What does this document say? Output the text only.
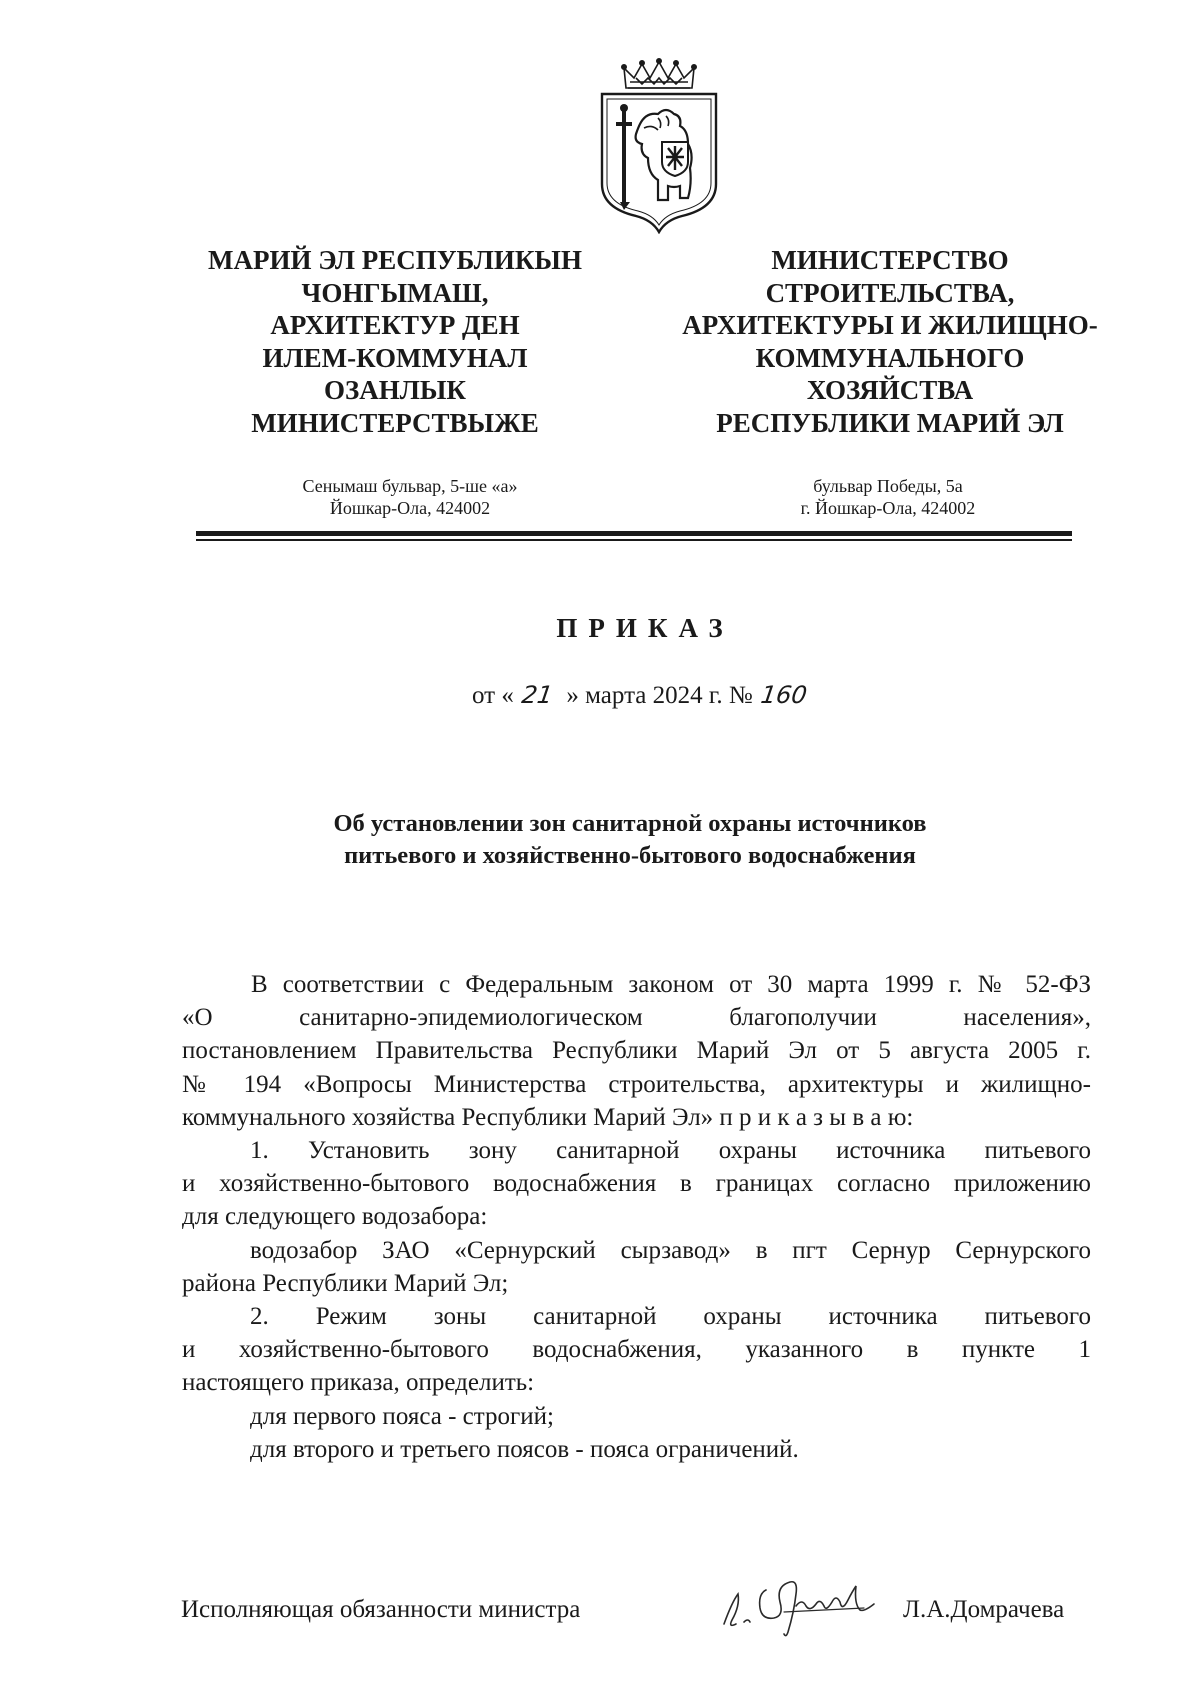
МАРИЙ ЭЛ РЕСПУБЛИКЫН
ЧОНГЫМАШ,
АРХИТЕКТУР ДЕН
ИЛЕМ-КОММУНАЛ
ОЗАНЛЫК
МИНИСТЕРСТВЫЖЕ
МИНИСТЕРСТВО
СТРОИТЕЛЬСТВА,
АРХИТЕКТУРЫ И ЖИЛИЩНО-
КОММУНАЛЬНОГО
ХОЗЯЙСТВА
РЕСПУБЛИКИ МАРИЙ ЭЛ
Сенымаш бульвар, 5-ше «а»
Йошкар-Ола, 424002
бульвар Победы, 5а
г. Йошкар-Ола, 424002
ПРИКАЗ
от « 21 » марта 2024 г. № 160
Об установлении зон санитарной охраны источников
питьевого и хозяйственно-бытового водоснабжения

В соответствии с Федеральным законом от 30 марта 1999 г. № 52-ФЗ

«О санитарно-эпидемиологическом благополучии населения»,

постановлением Правительства Республики Марий Эл от 5 августа 2005 г.

№ 194 «Вопросы Министерства строительства, архитектуры и жилищно-

коммунального хозяйства Республики Марий Эл» п р и к а з ы в а ю:

1. Установить зону санитарной охраны источника питьевого

и хозяйственно-бытового водоснабжения в границах согласно приложению

для следующего водозабора:

водозабор ЗАО «Сернурский сырзавод» в пгт Сернур Сернурского

района Республики Марий Эл;

2. Режим зоны санитарной охраны источника питьевого

и хозяйственно-бытового водоснабжения, указанного в пункте 1

настоящего приказа, определить:

для первого пояса - строгий;

для второго и третьего поясов - пояса ограничений.

Исполняющая обязанности министра	Л.А.Домрачева
